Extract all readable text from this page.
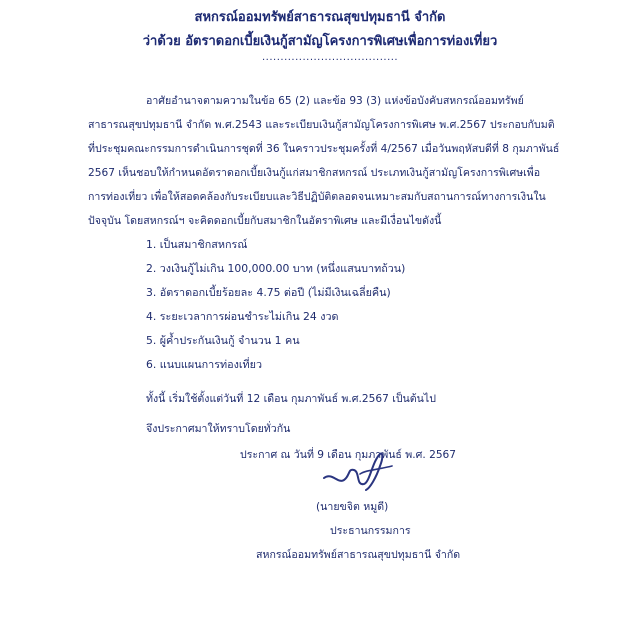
สหกรณ์ออมทรัพย์สาธารณสุขปทุมธานี จำกัด
ว่าด้วย อัตราดอกเบี้ยเงินกู้สามัญโครงการพิเศษเพื่อการท่องเที่ยว
.....................................
อาศัยอำนาจตามความในข้อ 65 (2) และข้อ 93 (3) แห่งข้อบังคับสหกรณ์ออมทรัพย์
สาธารณสุขปทุมธานี จำกัด พ.ศ.2543 และระเบียบเงินกู้สามัญโครงการพิเศษ พ.ศ.2567 ประกอบกับมติ
ที่ประชุมคณะกรรมการดำเนินการชุดที่ 36 ในคราวประชุมครั้งที่ 4/2567 เมื่อวันพฤหัสบดีที่ 8 กุมภาพันธ์
2567 เห็นชอบให้กำหนดอัตราดอกเบี้ยเงินกู้แก่สมาชิกสหกรณ์ ประเภทเงินกู้สามัญโครงการพิเศษเพื่อ
การท่องเที่ยว เพื่อให้สอดคล้องกับระเบียบและวิธีปฏิบัติตลอดจนเหมาะสมกับสถานการณ์ทางการเงินใน
ปัจจุบัน โดยสหกรณ์ฯ จะคิดดอกเบี้ยกับสมาชิกในอัตราพิเศษ และมีเงื่อนไขดังนี้
1. เป็นสมาชิกสหกรณ์
2. วงเงินกู้ไม่เกิน 100,000.00 บาท (หนึ่งแสนบาทถ้วน)
3. อัตราดอกเบี้ยร้อยละ 4.75 ต่อปี (ไม่มีเงินเฉลี่ยคืน)
4. ระยะเวลาการผ่อนชำระไม่เกิน 24 งวด
5. ผู้ค้ำประกันเงินกู้ จำนวน 1 คน
6. แนบแผนการท่องเที่ยว
ทั้งนี้ เริ่มใช้ตั้งแต่วันที่ 12 เดือน กุมภาพันธ์ พ.ศ.2567 เป็นต้นไป
จึงประกาศมาให้ทราบโดยทั่วกัน
ประกาศ ณ วันที่ 9 เดือน กุมภาพันธ์ พ.ศ. 2567
(นายขจิต หมูดี)
ประธานกรรมการ
สหกรณ์ออมทรัพย์สาธารณสุขปทุมธานี จำกัด
